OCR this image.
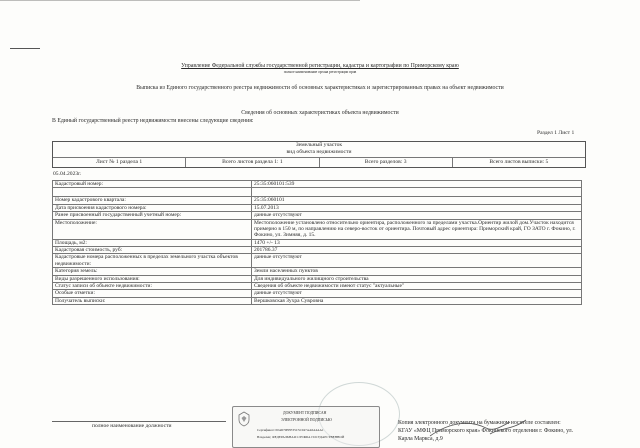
Управление Федеральной службы государственной регистрации, кадастра и картографии по Приморскому краю
полное наименование органа регистрации прав
Выписка из Единого государственного реестра недвижимости об основных характеристиках и зарегистрированных правах на объект недвижимости
Сведения об основных характеристиках объекта недвижимости
В Единый государственный реестр недвижимости внесены следующие сведения:
Раздел 1 Лист 1
Земельный участок
вид объекта недвижимости
Лист № 1 раздела 1	Всего листов раздела 1: 1	Всего разделов: 3	Всего листов выписки: 5
05.04.2023г.
Кадастровый номер:	25:35:060101:539

Номер кадастрового квартала:	25:35:060101
Дата присвоения кадастрового номера:	15.07.2013
Ранее присвоенный государственный учетный номер:	данные отсутствуют
Местоположение:	Местоположение установлено относительно ориентира, расположенного за пределами участка.Ориентир жилой дом.Участок находится примерно в 150 м, по направлению на северо-восток от ориентира. Почтовый адрес ориентира: Приморский край, ГО ЗАТО г. Фокино, г. Фокино, ул. Зимняя, д. 15.
Площадь, м2:	1470 +/- 13
Кадастровая стоимость, руб:	201786.37
Кадастровые номера расположенных в пределах земельного участка объектов недвижимости:	данные отсутствуют
Категория земель:	Земли населенных пунктов
Виды разрешенного использования:	Для индивидуального жилищного строительства
Статус записи об объекте недвижимости:	Сведения об объекте недвижимости имеют статус "актуальные"
Особые отметки:	данные отсутствуют
Получатель выписки:	Вершковская Зухра Сувровна
полное наименование должности
ДОКУМЕНТ ПОДПИСАН
ЭЛЕКТРОННОЙ ПОДПИСЬЮ
Сертификат: 00АБ70ЕЕЕ35С5С047АА6А4АА1
Владелец: ФЕДЕРАЛЬНАЯ СЛУЖБА ГОСУДАРСТВЕННОЙ
Копия электронного документа на бумажном носителе составлен:
КГАУ «МФЦ Приморского края» Фокинского отделения г. Фокино, ул.
Карла Маркса, д.9
